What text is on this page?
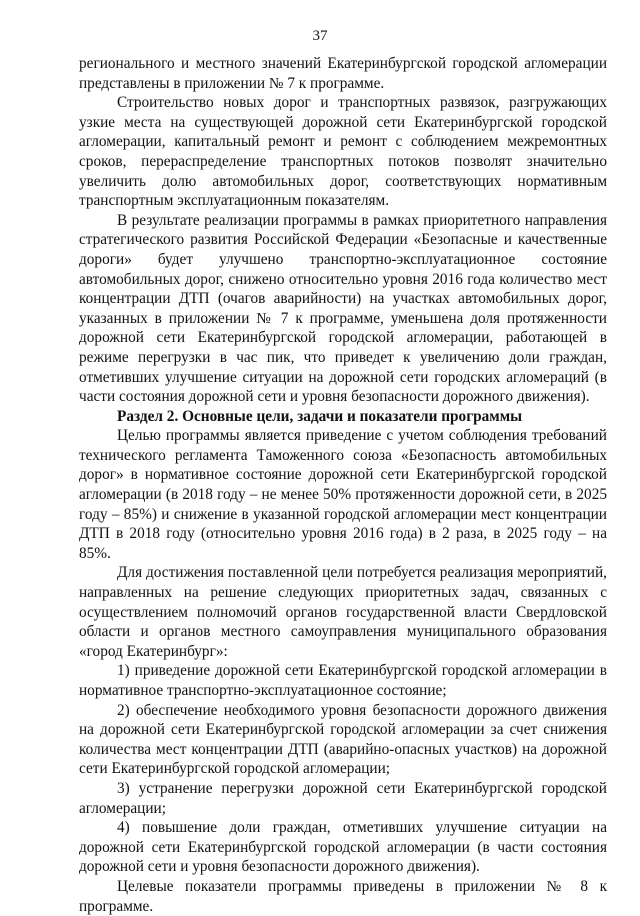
37

регионального и местного значений Екатеринбургской городской агломерации представлены в приложении № 7 к программе.

Строительство новых дорог и транспортных развязок, разгружающих узкие места на существующей дорожной сети Екатеринбургской городской агломерации, капитальный ремонт и ремонт с соблюдением межремонтных сроков, перераспределение транспортных потоков позволят значительно увеличить долю автомобильных дорог, соответствующих нормативным транспортным эксплуатационным показателям.

В результате реализации программы в рамках приоритетного направления стратегического развития Российской Федерации «Безопасные и качественные дороги» будет улучшено транспортно-эксплуатационное состояние автомобильных дорог, снижено относительно уровня 2016 года количество мест концентрации ДТП (очагов аварийности) на участках автомобильных дорог, указанных в приложении № 7 к программе, уменьшена доля протяженности дорожной сети Екатеринбургской городской агломерации, работающей в режиме перегрузки в час пик, что приведет к увеличению доли граждан, отметивших улучшение ситуации на дорожной сети городских агломераций (в части состояния дорожной сети и уровня безопасности дорожного движения).

Раздел 2. Основные цели, задачи и показатели программы

Целью программы является приведение с учетом соблюдения требований технического регламента Таможенного союза «Безопасность автомобильных дорог» в нормативное состояние дорожной сети Екатеринбургской городской агломерации (в 2018 году – не менее 50% протяженности дорожной сети, в 2025 году – 85%) и снижение в указанной городской агломерации мест концентрации ДТП в 2018 году (относительно уровня 2016 года) в 2 раза, в 2025 году – на 85%.

Для достижения поставленной цели потребуется реализация мероприятий, направленных на решение следующих приоритетных задач, связанных с осуществлением полномочий органов государственной власти Свердловской области и органов местного самоуправления муниципального образования «город Екатеринбург»:

1) приведение дорожной сети Екатеринбургской городской агломерации в нормативное транспортно-эксплуатационное состояние;

2) обеспечение необходимого уровня безопасности дорожного движения на дорожной сети Екатеринбургской городской агломерации за счет снижения количества мест концентрации ДТП (аварийно-опасных участков) на дорожной сети Екатеринбургской городской агломерации;

3) устранение перегрузки дорожной сети Екатеринбургской городской агломерации;

4) повышение доли граждан, отметивших улучшение ситуации на дорожной сети Екатеринбургской городской агломерации (в части состояния дорожной сети и уровня безопасности дорожного движения).

Целевые показатели программы приведены в приложении № 8 к программе.
